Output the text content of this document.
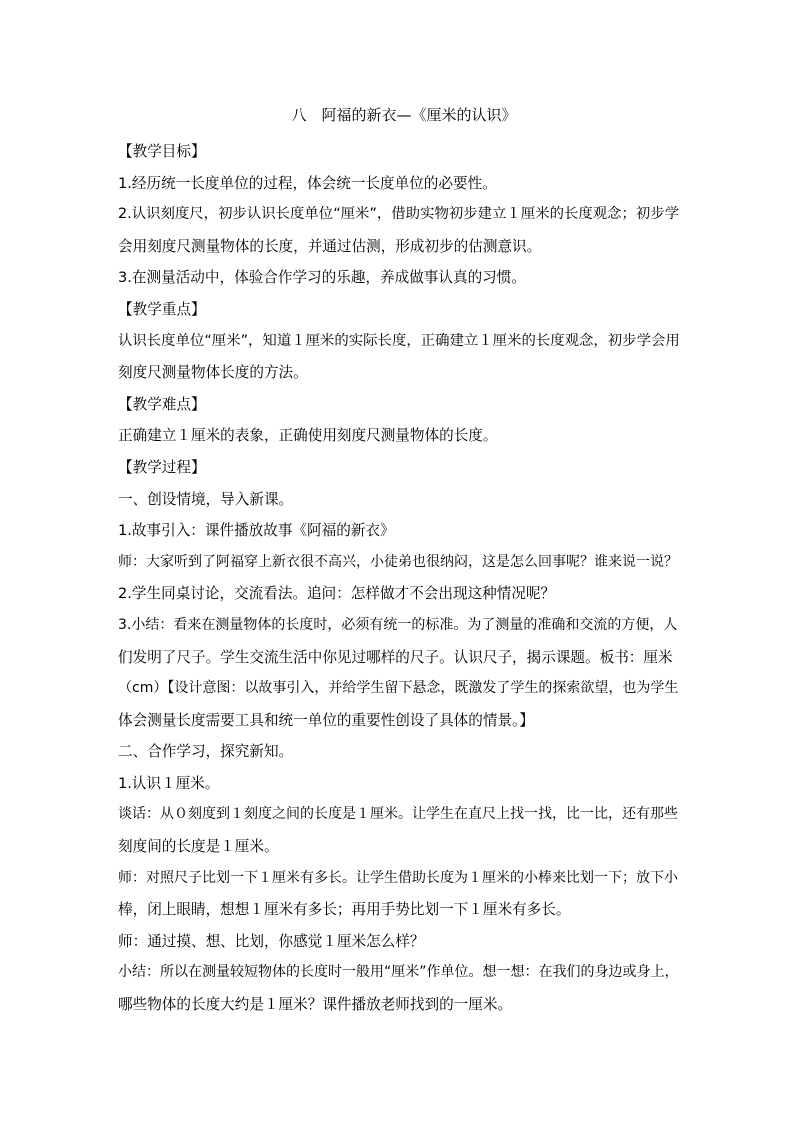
八　阿福的新衣—《厘米的认识》
【教学目标】
1.经历统一长度单位的过程，体会统一长度单位的必要性。
2.认识刻度尺，初步认识长度单位“厘米”，借助实物初步建立１厘米的长度观念；初步学
会用刻度尺测量物体的长度，并通过估测，形成初步的估测意识。
3.在测量活动中，体验合作学习的乐趣，养成做事认真的习惯。
【教学重点】
认识长度单位“厘米”，知道１厘米的实际长度，正确建立１厘米的长度观念，初步学会用
刻度尺测量物体长度的方法。
【教学难点】
正确建立１厘米的表象，正确使用刻度尺测量物体的长度。
【教学过程】
一、创设情境，导入新课。
1.故事引入：课件播放故事《阿福的新衣》
师：大家听到了阿福穿上新衣很不高兴，小徒弟也很纳闷，这是怎么回事呢？谁来说一说？
2.学生同桌讨论，交流看法。追问：怎样做才不会出现这种情况呢？
3.小结：看来在测量物体的长度时，必须有统一的标准。为了测量的准确和交流的方便，人
们发明了尺子。学生交流生活中你见过哪样的尺子。认识尺子，揭示课题。板书：厘米
（cm）【设计意图：以故事引入，并给学生留下悬念，既激发了学生的探索欲望，也为学生
体会测量长度需要工具和统一单位的重要性创设了具体的情景。】
二、合作学习，探究新知。
1.认识１厘米。
谈话：从０刻度到１刻度之间的长度是１厘米。让学生在直尺上找一找，比一比，还有那些
刻度间的长度是１厘米。
师：对照尺子比划一下１厘米有多长。让学生借助长度为１厘米的小棒来比划一下；放下小
棒，闭上眼睛，想想１厘米有多长；再用手势比划一下１厘米有多长。
师：通过摸、想、比划，你感觉１厘米怎么样？
小结：所以在测量较短物体的长度时一般用“厘米”作单位。想一想：在我们的身边或身上，
哪些物体的长度大约是１厘米？课件播放老师找到的一厘米。
